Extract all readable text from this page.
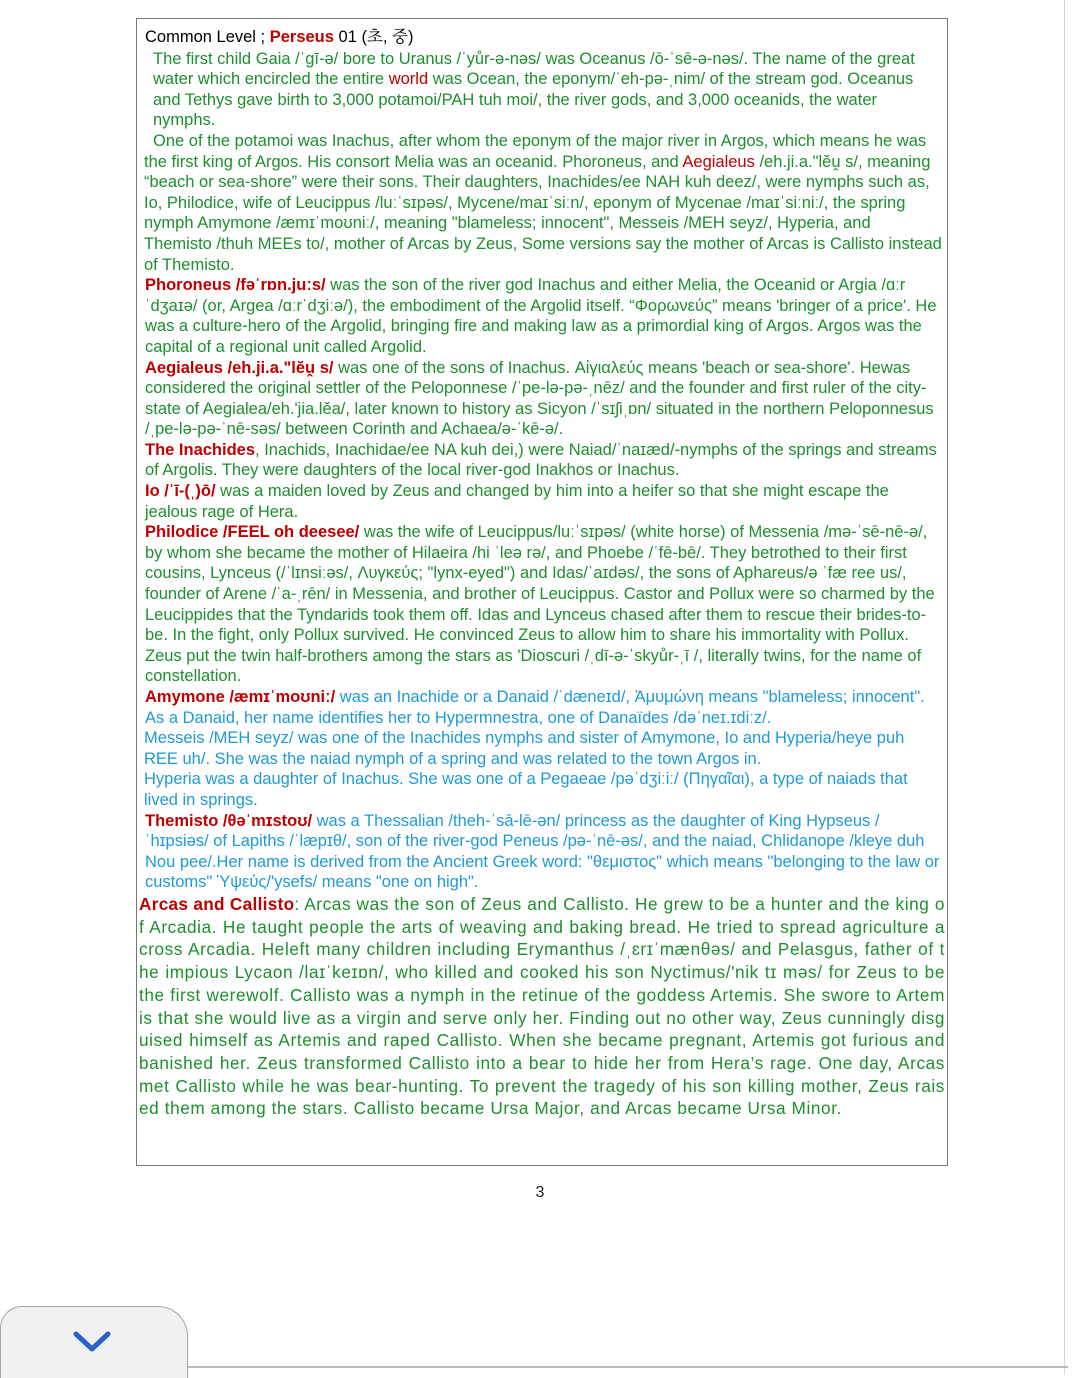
Common Level ; Perseus 01 (초, 중)

The first child Gaia /ˈɡī-ə/ bore to Uranus /ˈyůr-ə-nəs/ was Oceanus /ō-ˈsē-ə-nəs/. The name of the great water which encircled the entire world was Ocean, the eponym/ˈeh-pə-ˌnim/ of the stream god. Oceanus and Tethys gave birth to 3,000 potamoi/PAH tuh moi/, the river gods, and 3,000 oceanids, the water nymphs.

One of the potamoi was Inachus, after whom the eponym of the major river in Argos, which means he was the first king of Argos. His consort Melia was an oceanid. Phoroneus, and Aegialeus /eh.ji.a."lĕṷ s/, meaning “beach or sea-shore” were their sons. Their daughters, Inachides/ee NAH kuh deez/, were nymphs such as, Io, Philodice, wife of Leucippus /luːˈsɪpəs/, Mycene/maɪˈsiːn/, eponym of Mycenae /maɪˈsiːniː/, the spring nymph Amymone /æmɪˈmoʊniː/, meaning "blameless; innocent", Messeis /MEH seyz/, Hyperia, and Themisto /thuh MEEs to/, mother of Arcas by Zeus, Some versions say the mother of Arcas is Callisto instead of Themisto.

Phoroneus /fəˈrɒn.juːs/ was the son of the river god Inachus and either Melia, the Oceanid or Argia /ɑːrˈdʒaɪə/ (or, Argea /ɑːrˈdʒiːə/), the embodiment of the Argolid itself. “Φορωνεύς” means 'bringer of a price'. He was a culture-hero of the Argolid, bringing fire and making law as a primordial king of Argos. Argos was the capital of a regional unit called Argolid.

Aegialeus /eh.ji.a."lĕṷ s/ was one of the sons of Inachus. Αἰγιαλεύς means 'beach or sea-shore'. Hewas considered the original settler of the Peloponnese /ˈpe-lə-pə-ˌnēz/ and the founder and first ruler of the city- state of Aegialea/eh.'jia.lĕa/, later known to history as Sicyon /ˈsɪʃiˌɒn/ situated in the northern Peloponnesus /ˌpe-lə-pə-ˈnē-səs/ between Corinth and Achaea/ə-ˈkē-ə/.

The Inachides, Inachids, Inachidae/ee NA kuh dei,) were Naiad/ˈnaɪæd/-nymphs of the springs and streams of Argolis. They were daughters of the local river-god Inakhos or Inachus.

Io /ˈī-(ˌ)ō/ was a maiden loved by Zeus and changed by him into a heifer so that she might escape the jealous rage of Hera.

Philodice /FEEL oh deesee/ was the wife of Leucippus/luːˈsɪpəs/ (white horse) of Messenia /mə-ˈsē-nē-ə/, by whom she became the mother of Hilaeira /hi ˈleə rə/, and Phoebe /ˈfē-bē/. They betrothed to their first cousins, Lynceus (/ˈlɪnsiːəs/, Λυγκεύς; "lynx-eyed") and Idas/ˈaɪdəs/, the sons of Aphareus/ə ˈfæ ree us/, founder of Arene /ˈa-ˌrēn/ in Messenia, and brother of Leucippus. Castor and Pollux were so charmed by the Leucippides that the Tyndarids took them off. Idas and Lynceus chased after them to rescue their brides-to-be. In the fight, only Pollux survived. He convinced Zeus to allow him to share his immortality with Pollux. Zeus put the twin half-brothers among the stars as 'Dioscuri /ˌdī-ə-ˈskyůr-ˌī /, literally twins, for the name of constellation.

Amymone /æmɪˈmoʊniː/ was an Inachide or a Danaid /ˈdæneɪd/, Ἀμυμώνη means "blameless; innocent". As a Danaid, her name identifies her to Hypermnestra, one of Danaïdes /dəˈneɪ.ɪdiːz/.

Messeis /MEH seyz/ was one of the Inachides nymphs and sister of Amymone, Io and Hyperia/heye puh REE uh/. She was the naiad nymph of a spring and was related to the town Argos in.

Hyperia was a daughter of Inachus. She was one of a Pegaeae /pəˈdʒiːiː/ (Πηγαῖαι), a type of naiads that lived in springs.

Themisto /θəˈmɪstoʊ/ was a Thessalian /theh-ˈsā-lē-ən/ princess as the daughter of King Hypseus /ˈhɪpsiəs/ of Lapiths /ˈlæpɪθ/, son of the river-god Peneus /pə-ˈnē-əs/, and the naiad, Chlidanope /kleye duh Nou pee/.Her name is derived from the Ancient Greek word: "θεμιστος" which means "belonging to the law or customs" Ὑψεύς/'ysefs/ means "one on high".

Arcas and Callisto: Arcas was the son of Zeus and Callisto. He grew to be a hunter and the king of Arcadia. He taught people the arts of weaving and baking bread. He tried to spread agriculture across Arcadia. Heleft many children including Erymanthus /ˌɛrɪˈmænθəs/ and Pelasgus, father of the impious Lycaon /laɪˈkeɪɒn/, who killed and cooked his son Nyctimus/'nik tɪ məs/ for Zeus to be the first werewolf. Callisto was a nymph in the retinue of the goddess Artemis. She swore to Artemis that she would live as a virgin and serve only her. Finding out no other way, Zeus cunningly disguised himself as Artemis and raped Callisto. When she became pregnant, Artemis got furious and banished her. Zeus transformed Callisto into a bear to hide her from Hera’s rage. One day, Arcas met Callisto while he was bear-hunting. To prevent the tragedy of his son killing mother, Zeus raised them among the stars. Callisto became Ursa Major, and Arcas became Ursa Minor.
3
